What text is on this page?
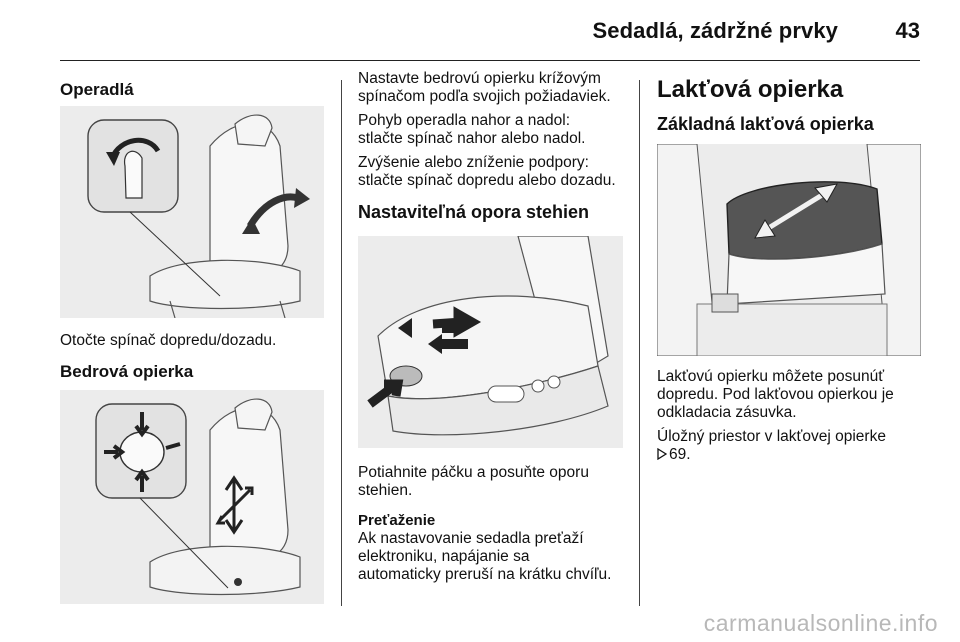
Sedadlá, zádržné prvky	43
Operadlá

Otočte spínač dopredu/dozadu.

Bedrová opierka

Nastavte bedrovú opierku krížovým

spínačom podľa svojich požiadaviek.

Pohyb operadla nahor a nadol:

stlačte spínač nahor alebo nadol.

Zvýšenie alebo zníženie podpory:

stlačte spínač dopredu alebo dozadu.

Nastaviteľná opora stehien

Potiahnite páčku a posuňte oporu

stehien.

Preťaženie

Ak nastavovanie sedadla preťaží

elektroniku, napájanie sa

automaticky preruší na krátku chvíľu.

Lakťová opierka
Základná lakťová opierka

Lakťovú opierku môžete posunúť

dopredu. Pod lakťovou opierkou je

odkladacia zásuvka.

Úložný priestor v lakťovej opierke

69.

carmanualsonline.info
